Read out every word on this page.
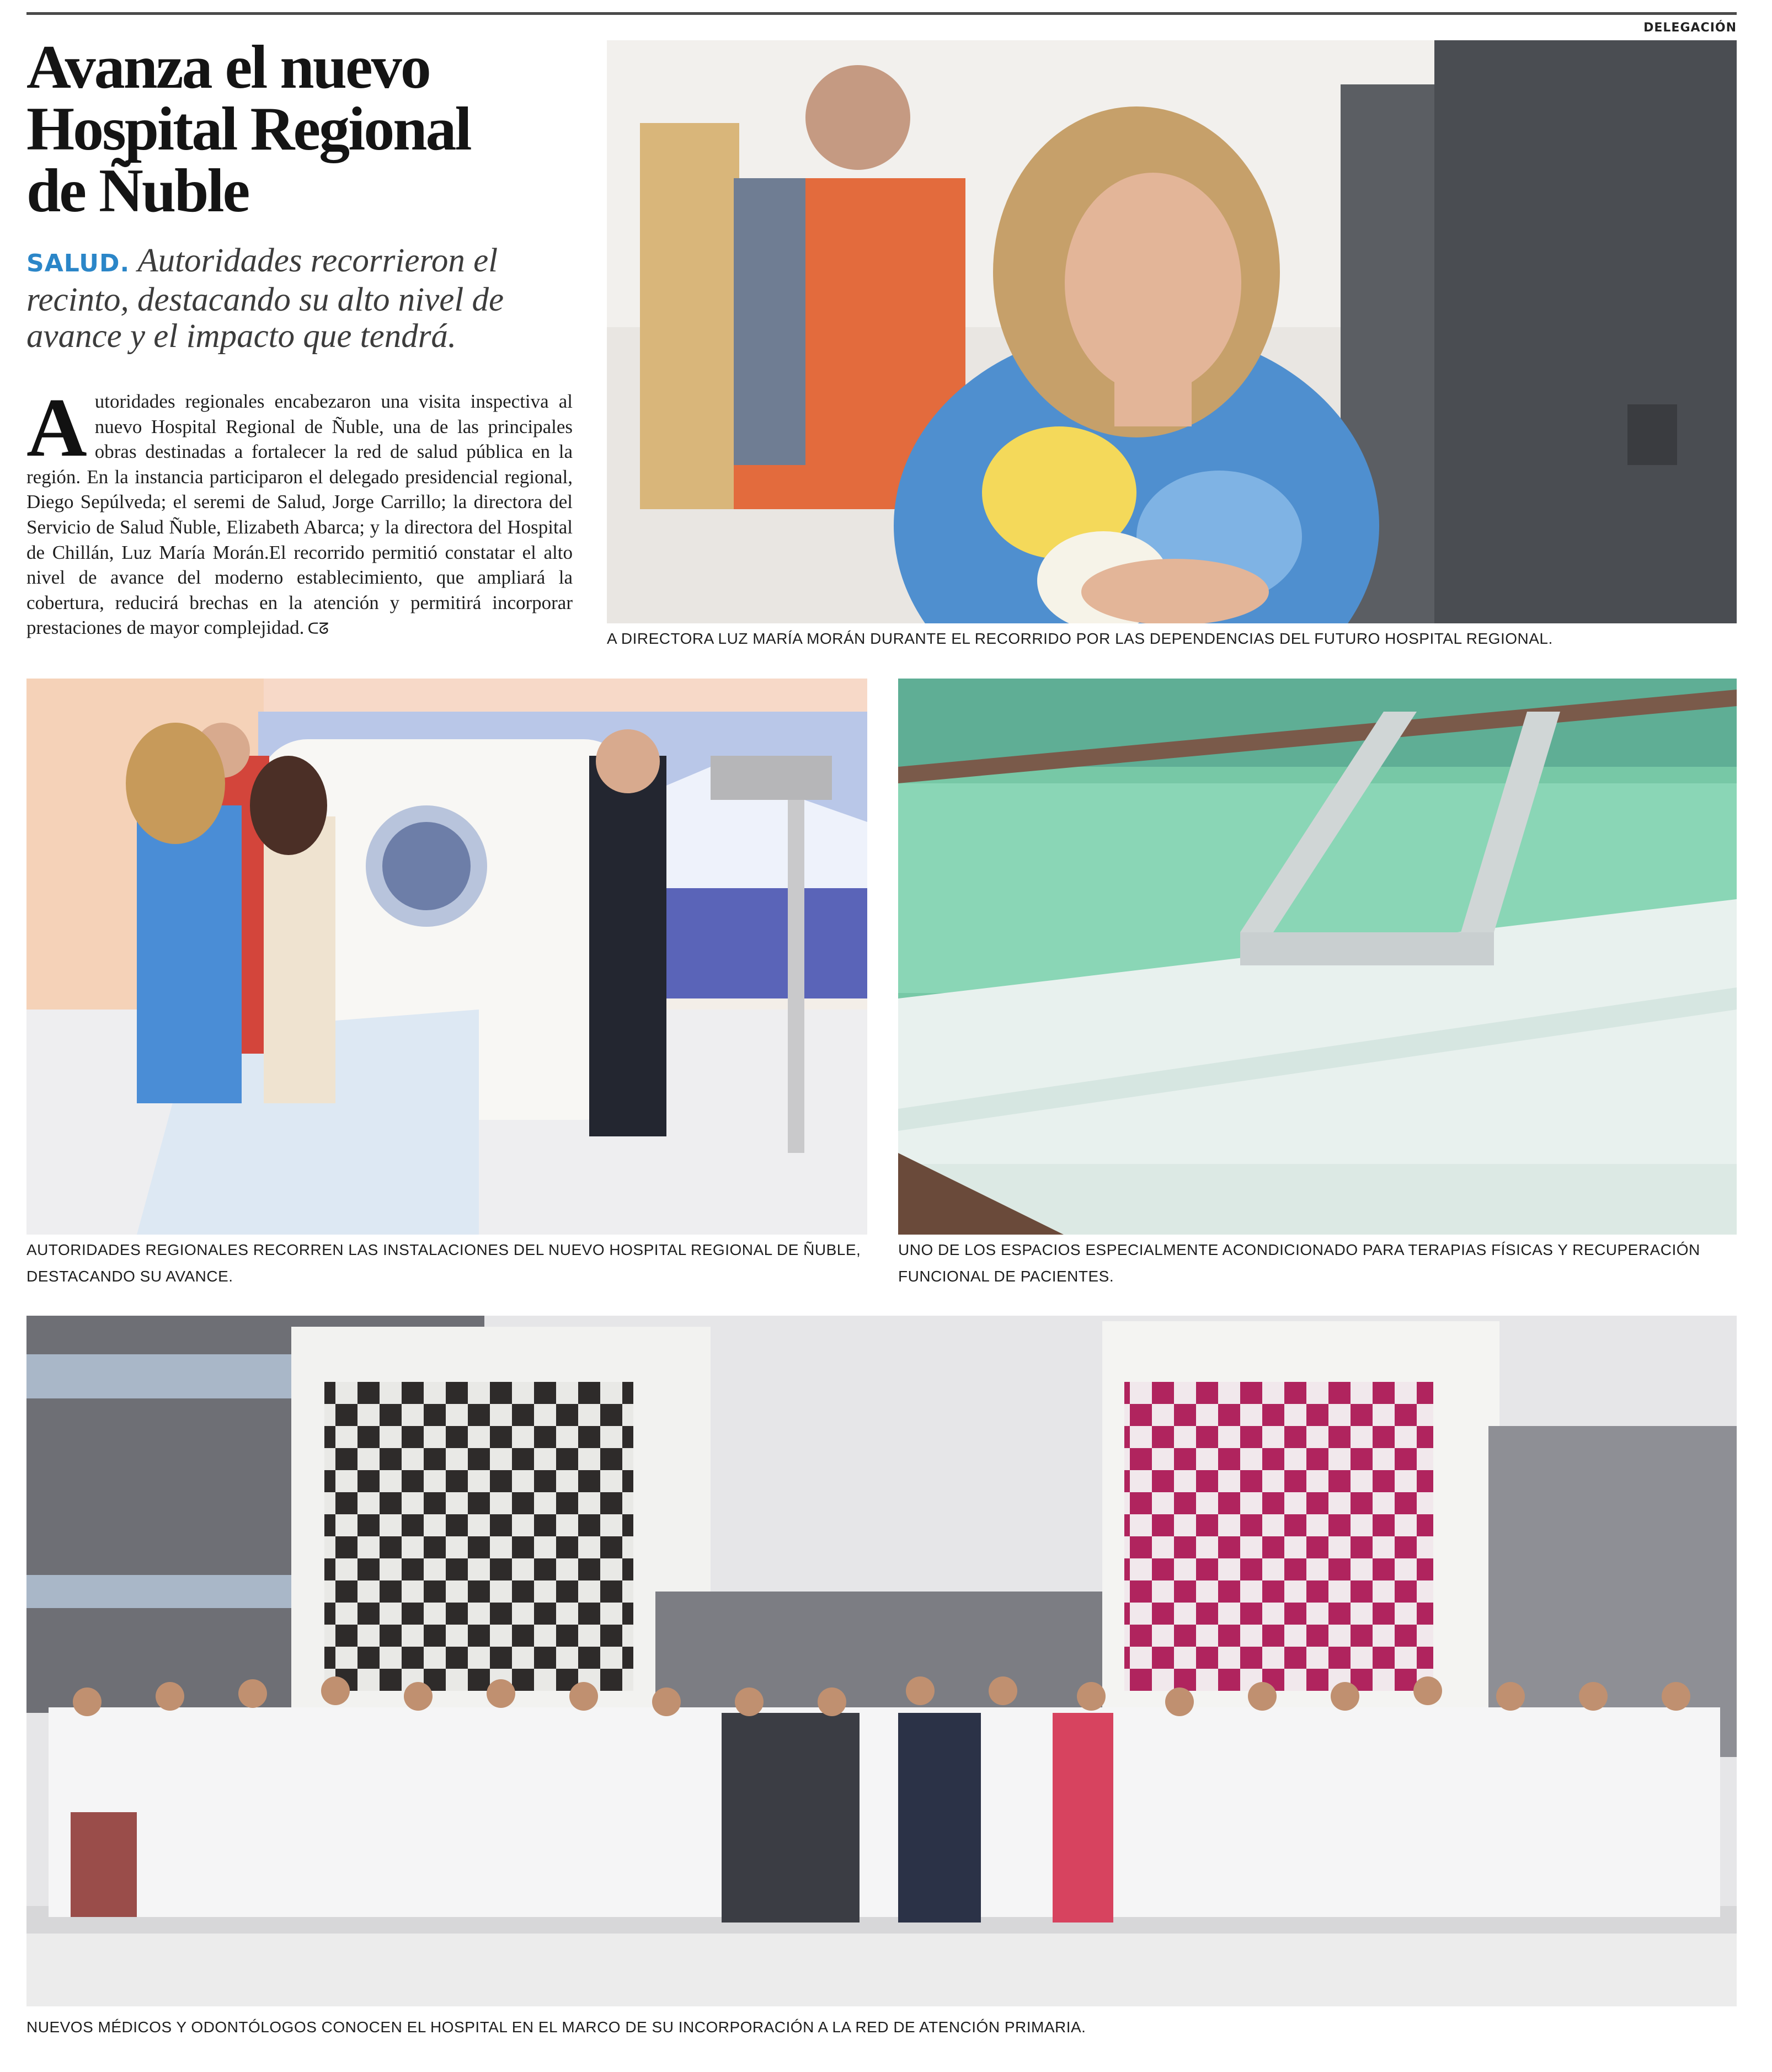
DELEGACIÓN
Avanza el nuevo
Hospital Regional
de Ñuble
SALUD. Autoridades recorrieron el recinto, destacando su alto nivel de avance y el impacto que tendrá.

Autoridades regionales encabezaron una visita inspectiva al nuevo Hospital Regional de Ñuble, una de las principales obras destinadas a fortalecer la red de salud pública en la región. En la instancia participaron el delegado presidencial regional, Diego Sepúlveda; el seremi de Salud, Jorge Carrillo; la directora del Servicio de Salud Ñuble, Elizabeth Abarca; y la directora del Hospital de Chillán, Luz María Morán.El recorrido permitió constatar el alto nivel de avance del moderno establecimiento, que ampliará la cobertura, reducirá brechas en la atención y permitirá incorporar prestaciones de mayor complejidad. ᑕᘔ

A DIRECTORA LUZ MARÍA MORÁN DURANTE EL RECORRIDO POR LAS DEPENDENCIAS DEL FUTURO HOSPITAL REGIONAL.

AUTORIDADES REGIONALES RECORREN LAS INSTALACIONES DEL NUEVO HOSPITAL REGIONAL DE ÑUBLE, DESTACANDO SU AVANCE.

UNO DE LOS ESPACIOS ESPECIALMENTE ACONDICIONADO PARA TERAPIAS FÍSICAS Y RECUPERACIÓN FUNCIONAL DE PACIENTES.

NUEVOS MÉDICOS Y ODONTÓLOGOS CONOCEN EL HOSPITAL EN EL MARCO DE SU INCORPORACIÓN A LA RED DE ATENCIÓN PRIMARIA.
